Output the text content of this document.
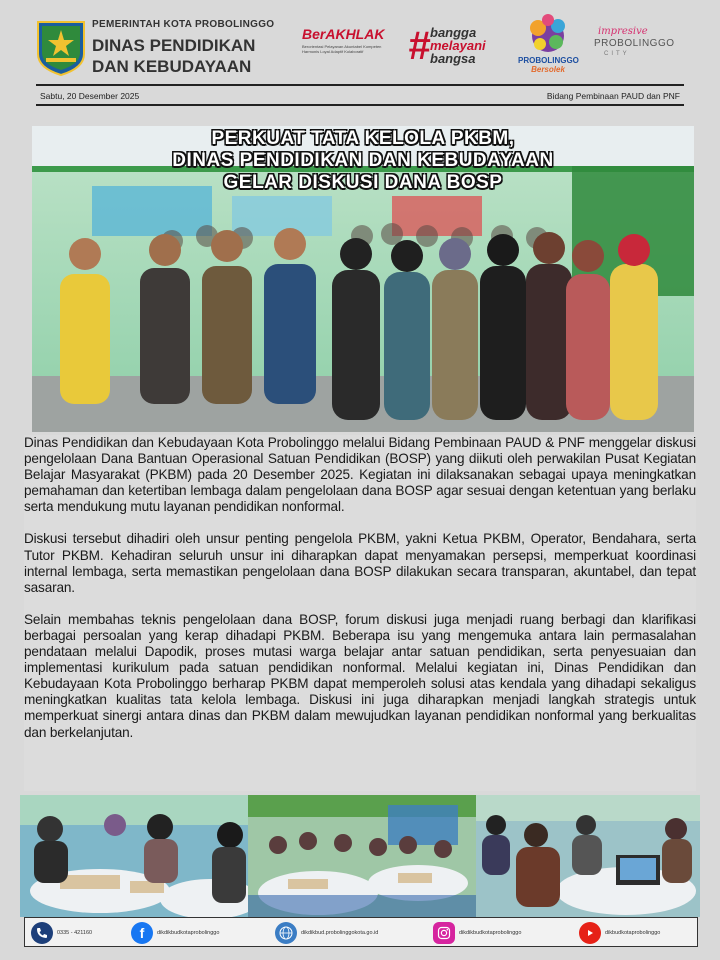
PEMERINTAH KOTA PROBOLINGGO
DINAS PENDIDIKAN
DAN KEBUDAYAAN
BerAKHLAK
Berorientasi Pelayanan Akuntabel Kompeten Harmonis Loyal Adaptif Kolaboratif	# bangga
melayani
bangsa	PROBOLINGGO
Bersolek
impresive
PROBOLINGGO
CITY
Sabtu, 20 Desember 2025	Bidang Pembinaan PAUD dan PNF
PERKUAT TATA KELOLA PKBM,
DINAS PENDIDIKAN DAN KEBUDAYAAN
GELAR DISKUSI DANA BOSP

Dinas Pendidikan dan Kebudayaan Kota Probolinggo melalui Bidang Pembinaan PAUD & PNF menggelar diskusi pengelolaan Dana Bantuan Operasional Satuan Pendidikan (BOSP) yang diikuti oleh perwakilan Pusat Kegiatan Belajar Masyarakat (PKBM) pada 20 Desember 2025. Kegiatan ini dilaksanakan sebagai upaya meningkatkan pemahaman dan ketertiban lembaga dalam pengelolaan dana BOSP agar sesuai dengan ketentuan yang berlaku serta mendukung mutu layanan pendidikan nonformal.

Diskusi tersebut dihadiri oleh unsur penting pengelola PKBM, yakni Ketua PKBM, Operator, Bendahara, serta Tutor PKBM. Kehadiran seluruh unsur ini diharapkan dapat menyamakan persepsi, memperkuat koordinasi internal lembaga, serta memastikan pengelolaan dana BOSP dilakukan secara transparan, akuntabel, dan tepat sasaran.

Selain membahas teknis pengelolaan dana BOSP, forum diskusi juga menjadi ruang berbagi dan klarifikasi berbagai persoalan yang kerap dihadapi PKBM. Beberapa isu yang mengemuka antara lain permasalahan pendataan melalui Dapodik, proses mutasi warga belajar antar satuan pendidikan, serta penyesuaian dan implementasi kurikulum pada satuan pendidikan nonformal. Melalui kegiatan ini, Dinas Pendidikan dan Kebudayaan Kota Probolinggo berharap PKBM dapat memperoleh solusi atas kendala yang dihadapi sekaligus meningkatkan kualitas tata kelola lembaga. Diskusi ini juga diharapkan menjadi langkah strategis untuk memperkuat sinergi antara dinas dan PKBM dalam mewujudkan layanan pendidikan nonformal yang berkualitas dan berkelanjutan.

0335 - 421160	f dikdikbudkotaprobolinggo	dikdikbud.probolinggokota.go.id	dikdikbudkotaprobolinggo	dikbudkotaprobolinggo
